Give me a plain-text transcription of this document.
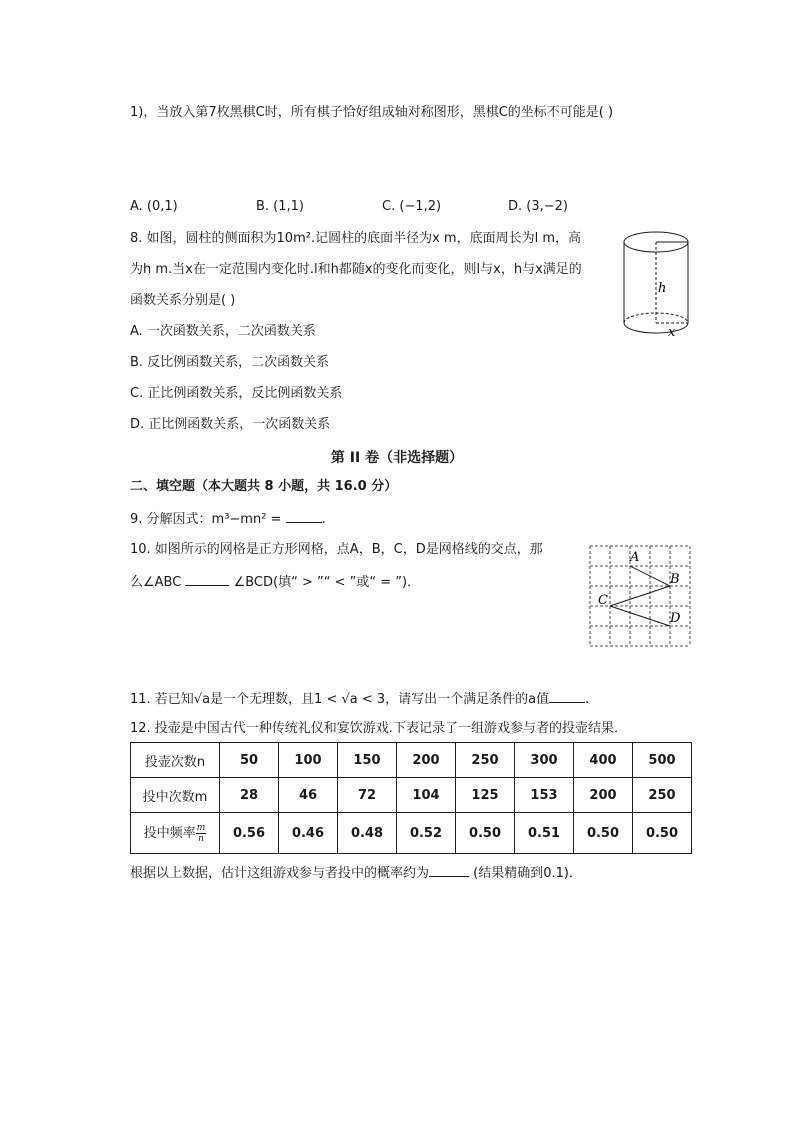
1)，当放入第7枚黑棋C时，所有棋子恰好组成轴对称图形，黑棋C的坐标不可能是( )
A. (0,1)	B. (1,1)	C. (−1,2)	D. (3,−2)
8. 如图，圆柱的侧面积为10m².记圆柱的底面半径为x m，底面周长为l m，高
为h m.当x在一定范围内变化时.l和h都随x的变化而变化，则l与x，h与x满足的
函数关系分别是( )
A. 一次函数关系，二次函数关系
B. 反比例函数关系，二次函数关系
C. 正比例函数关系，反比例函数关系
D. 正比例函数关系，一次函数关系
h
x
第 II 卷（非选择题）
二、填空题（本大题共 8 小题，共 16.0 分）
9. 分解因式：m³−mn² =	.
10. 如图所示的网格是正方形网格，点A，B，C，D是网格线的交点，那
么∠ABC	∠BCD(填“ > ”“ < ”或“ = ”)．
A
B
C
D
11. 若已知√a是一个无理数，且1 < √a < 3，请写出一个满足条件的a值	.
12. 投壶是中国古代一种传统礼仪和宴饮游戏.下表记录了一组游戏参与者的投壶结果．
投壶次数n	50	100	150	200	250	300	400	500
投中次数m	28	46	72	104	125	153	200	250
投中频率 $\frac{m}{n}$	0.56	0.46	0.48	0.52	0.50	0.51	0.50	0.50
根据以上数据，估计这组游戏参与者投中的概率约为	(结果精确到0.1)．
